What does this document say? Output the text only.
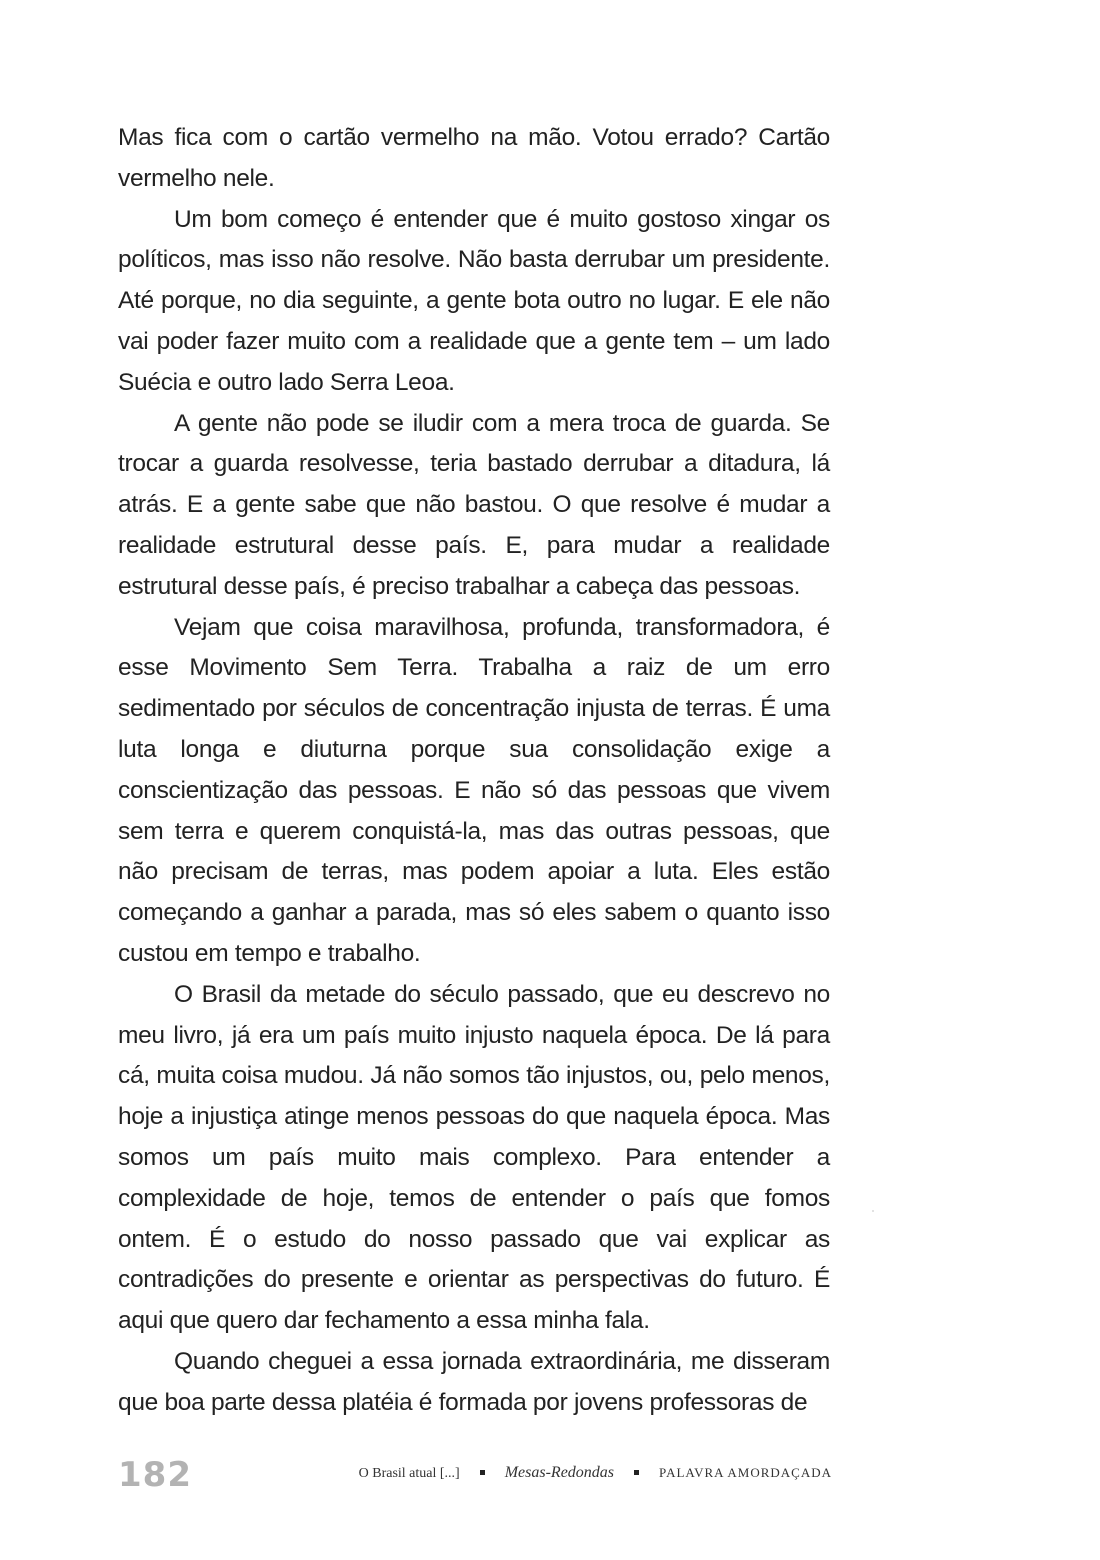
Mas fica com o cartão vermelho na mão. Votou errado? Cartão vermelho nele.

Um bom começo é entender que é muito gostoso xingar os políticos, mas isso não resolve. Não basta derrubar um presidente. Até porque, no dia seguinte, a gente bota outro no lugar. E ele não vai poder fazer muito com a realidade que a gente tem – um lado Suécia e outro lado Serra Leoa.

A gente não pode se iludir com a mera troca de guarda. Se trocar a guarda resolvesse, teria bastado derrubar a ditadura, lá atrás. E a gente sabe que não bastou. O que resolve é mudar a realidade estrutural desse país. E, para mudar a realidade estrutural desse país, é preciso trabalhar a cabeça das pessoas.

Vejam que coisa maravilhosa, profunda, transformadora, é esse Movimento Sem Terra. Trabalha a raiz de um erro sedimentado por séculos de concentração injusta de terras. É uma luta longa e diuturna porque sua consolidação exige a conscientização das pessoas. E não só das pessoas que vivem sem terra e querem conquistá-la, mas das outras pessoas, que não precisam de terras, mas podem apoiar a luta. Eles estão começando a ganhar a parada, mas só eles sabem o quanto isso custou em tempo e trabalho.

O Brasil da metade do século passado, que eu descrevo no meu livro, já era um país muito injusto naquela época. De lá para cá, muita coisa mudou. Já não somos tão injustos, ou, pelo menos, hoje a injustiça atinge menos pessoas do que naquela época. Mas somos um país muito mais complexo. Para entender a complexidade de hoje, temos de entender o país que fomos ontem. É o estudo do nosso passado que vai explicar as contradições do presente e orientar as perspectivas do futuro. É aqui que quero dar fechamento a essa minha fala.

Quando cheguei a essa jornada extraordinária, me disseram que boa parte dessa platéia é formada por jovens professoras de

182	O Brasil atual [...]	Mesas-Redondas	PALAVRA AMORDAÇADA
